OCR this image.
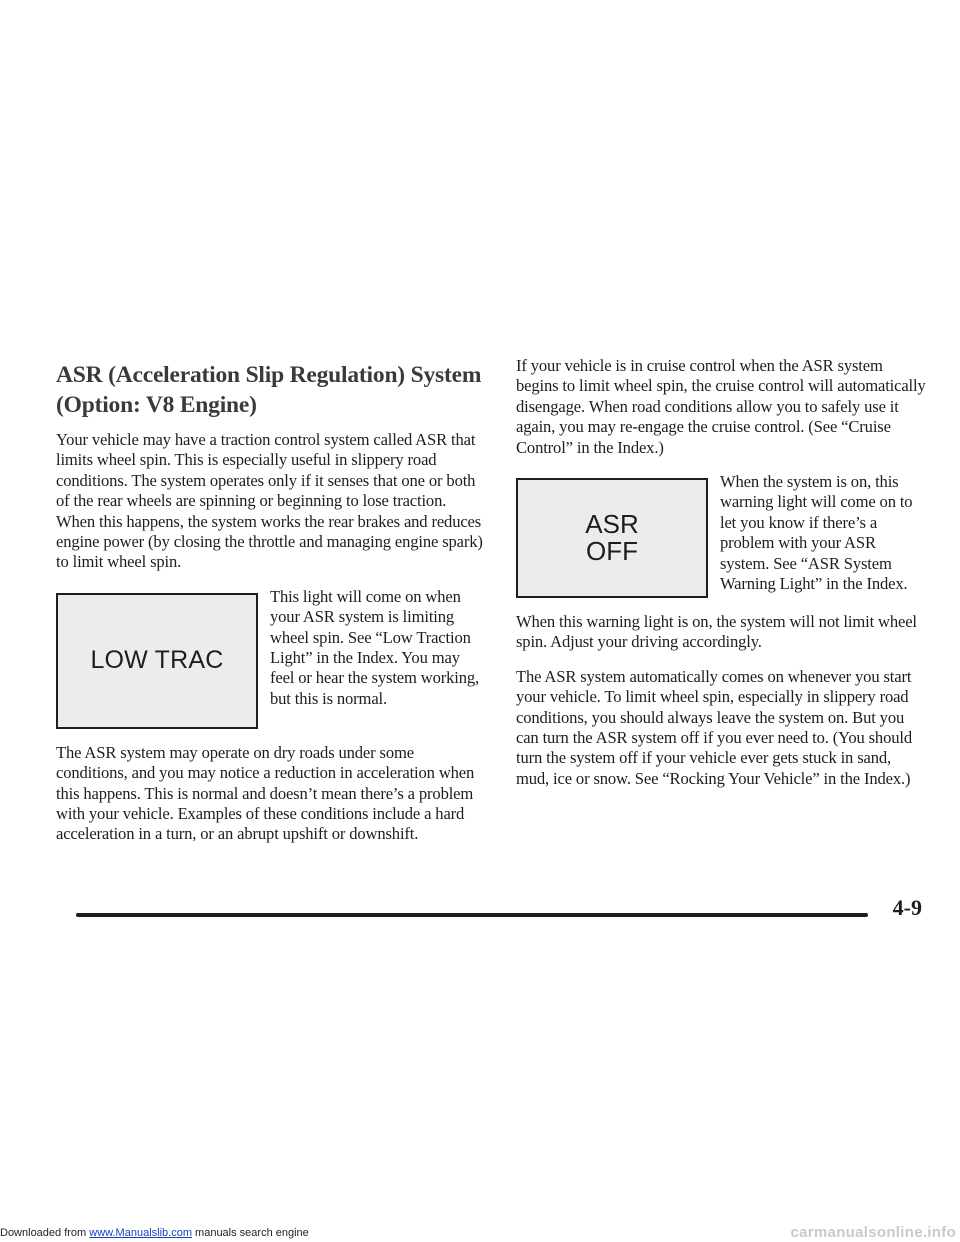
ASR (Acceleration Slip Regulation) System (Option: V8 Engine)

Your vehicle may have a traction control system called ASR that limits wheel spin. This is especially useful in slippery road conditions. The system operates only if it senses that one or both of the rear wheels are spinning or beginning to lose traction. When this happens, the system works the rear brakes and reduces engine power (by closing the throttle and managing engine spark) to limit wheel spin.

LOW TRAC

This light will come on when your ASR system is limiting wheel spin. See “Low Traction Light” in the Index. You may feel or hear the system working, but this is normal.

The ASR system may operate on dry roads under some conditions, and you may notice a reduction in acceleration when this happens. This is normal and doesn’t mean there’s a problem with your vehicle. Examples of these conditions include a hard acceleration in a turn, or an abrupt upshift or downshift.

If your vehicle is in cruise control when the ASR system begins to limit wheel spin, the cruise control will automatically disengage. When road conditions allow you to safely use it again, you may re-engage the cruise control. (See “Cruise Control” in the Index.)

ASR
OFF

When the system is on, this warning light will come on to let you know if there’s a problem with your ASR system. See “ASR System Warning Light” in the Index.

When this warning light is on, the system will not limit wheel spin. Adjust your driving accordingly.

The ASR system automatically comes on whenever you start your vehicle. To limit wheel spin, especially in slippery road conditions, you should always leave the system on. But you can turn the ASR system off if you ever need to. (You should turn the system off if your vehicle ever gets stuck in sand, mud, ice or snow. See “Rocking Your Vehicle” in the Index.)

4-9
Downloaded from www.Manualslib.com manuals search engine	carmanualsonline.info
